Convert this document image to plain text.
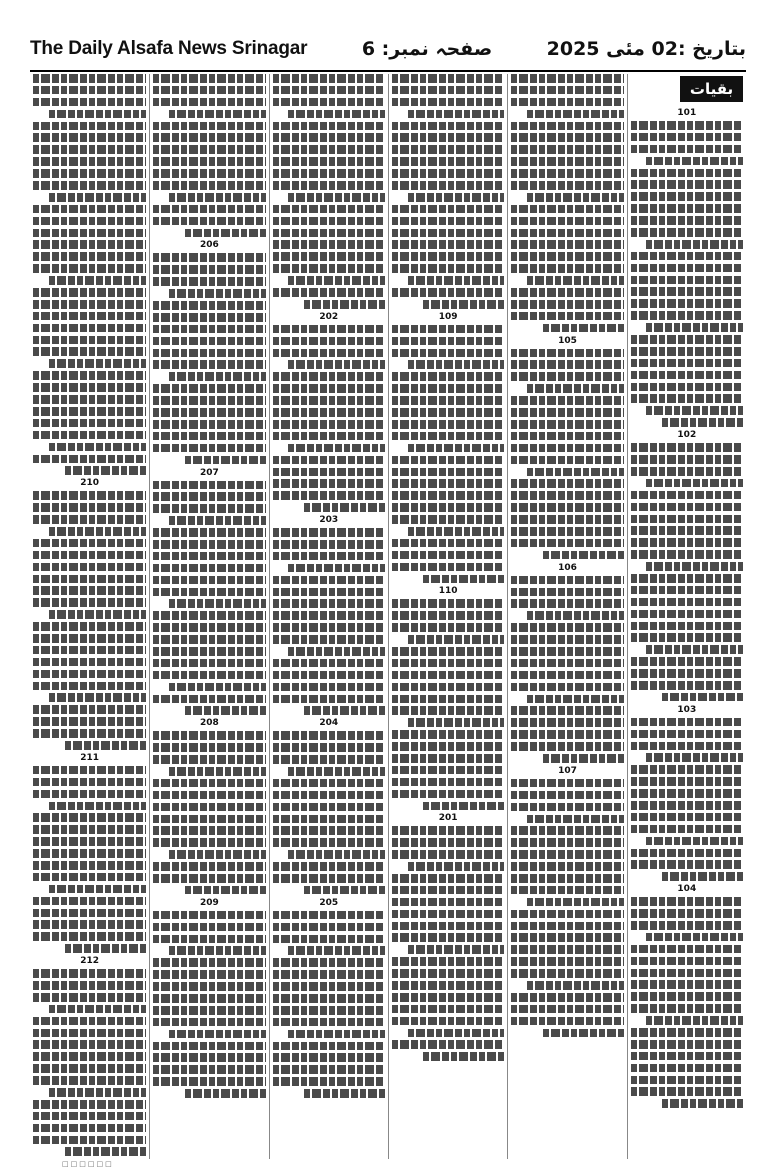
The Daily Alsafa News Srinagar	صفحہ نمبر: 6	بتاریخ :02 مئی 2025
بقیات
101
102
103
104
105
106
107
109
110
201
202
203
204
205
206
207
208
209
210
211
212
□□□□□□
